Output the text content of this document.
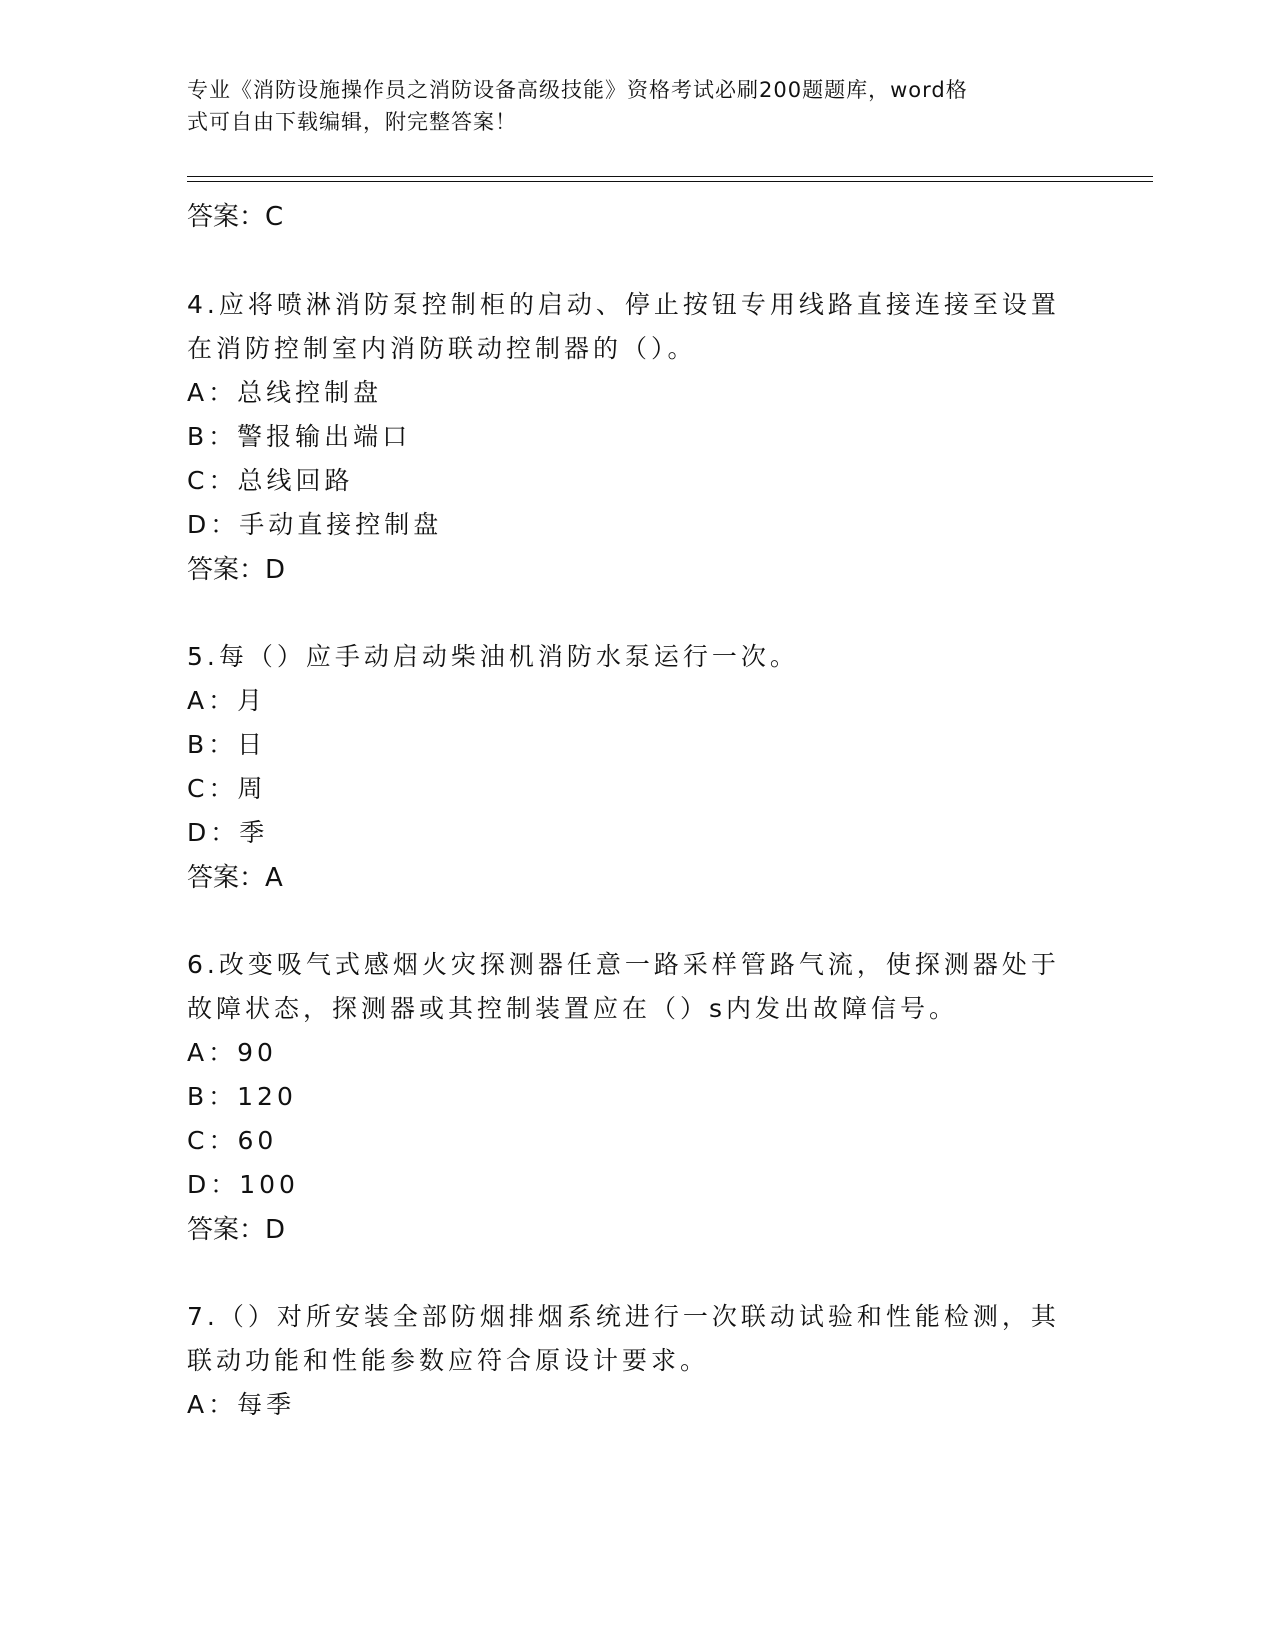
专业《消防设施操作员之消防设备高级技能》资格考试必刷200题题库，word格
式可自由下载编辑，附完整答案！
答案：C
4.应将喷淋消防泵控制柜的启动、停止按钮专用线路直接连接至设置
在消防控制室内消防联动控制器的（）。
A：总线控制盘
B：警报输出端口
C：总线回路
D：手动直接控制盘
答案：D
5.每（）应手动启动柴油机消防水泵运行一次。
A：月
B：日
C：周
D：季
答案：A
6.改变吸气式感烟火灾探测器任意一路采样管路气流，使探测器处于
故障状态，探测器或其控制装置应在（）s内发出故障信号。
A：90
B：120
C：60
D：100
答案：D
7.（）对所安装全部防烟排烟系统进行一次联动试验和性能检测，其
联动功能和性能参数应符合原设计要求。
A：每季
